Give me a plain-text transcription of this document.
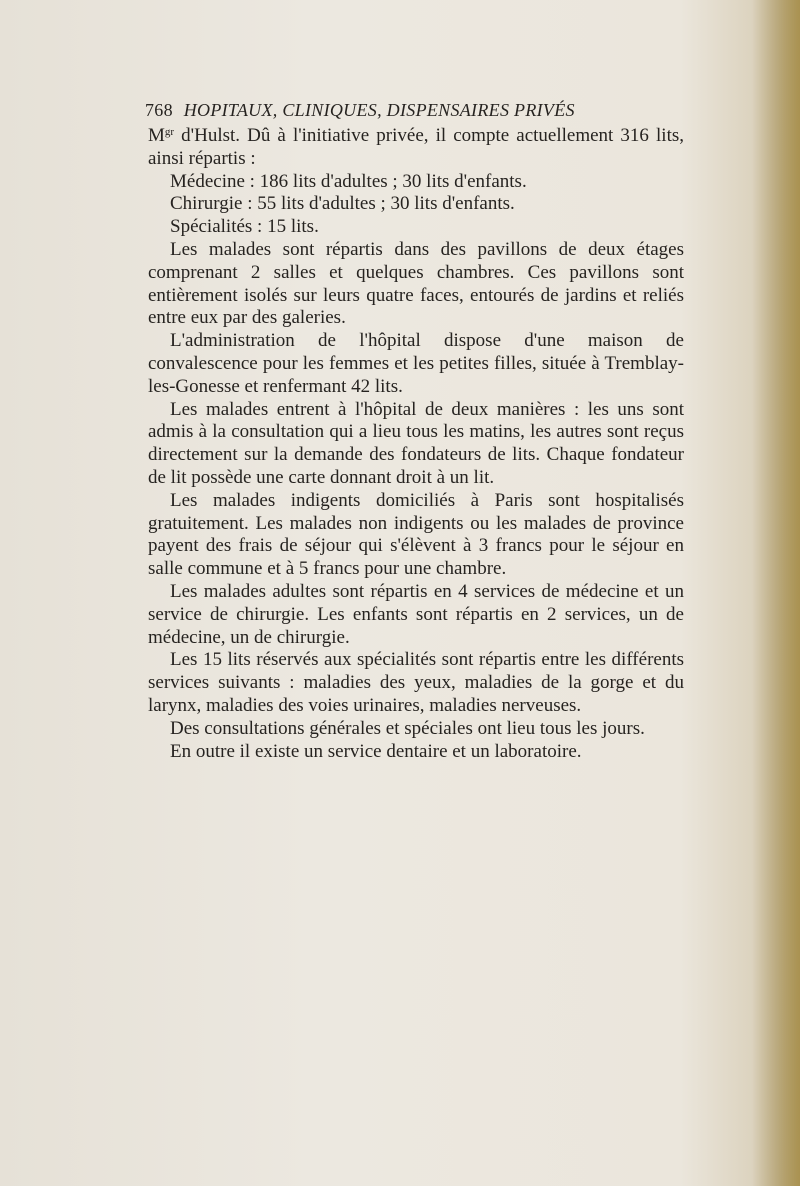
768 HOPITAUX, CLINIQUES, DISPENSAIRES PRIVÉS

$M^{gr}$ d'Hulst. Dû à l'initiative privée, il compte actuellement 316 lits, ainsi répartis :

Médecine : 186 lits d'adultes ; 30 lits d'enfants.

Chirurgie : 55 lits d'adultes ; 30 lits d'enfants.

Spécialités : 15 lits.

Les malades sont répartis dans des pavillons de deux étages comprenant 2 salles et quelques chambres. Ces pavillons sont entièrement isolés sur leurs quatre faces, entourés de jardins et reliés entre eux par des galeries.

L'administration de l'hôpital dispose d'une maison de convalescence pour les femmes et les petites filles, située à Tremblay-les-Gonesse et renfermant 42 lits.

Les malades entrent à l'hôpital de deux manières : les uns sont admis à la consultation qui a lieu tous les matins, les autres sont reçus directement sur la demande des fondateurs de lits. Chaque fondateur de lit possède une carte donnant droit à un lit.

Les malades indigents domiciliés à Paris sont hospitalisés gratuitement. Les malades non indigents ou les malades de province payent des frais de séjour qui s'élèvent à 3 francs pour le séjour en salle commune et à 5 francs pour une chambre.

Les malades adultes sont répartis en 4 services de médecine et un service de chirurgie. Les enfants sont répartis en 2 services, un de médecine, un de chirurgie.

Les 15 lits réservés aux spécialités sont répartis entre les différents services suivants : maladies des yeux, maladies de la gorge et du larynx, maladies des voies urinaires, maladies nerveuses.

Des consultations générales et spéciales ont lieu tous les jours.

En outre il existe un service dentaire et un laboratoire.
